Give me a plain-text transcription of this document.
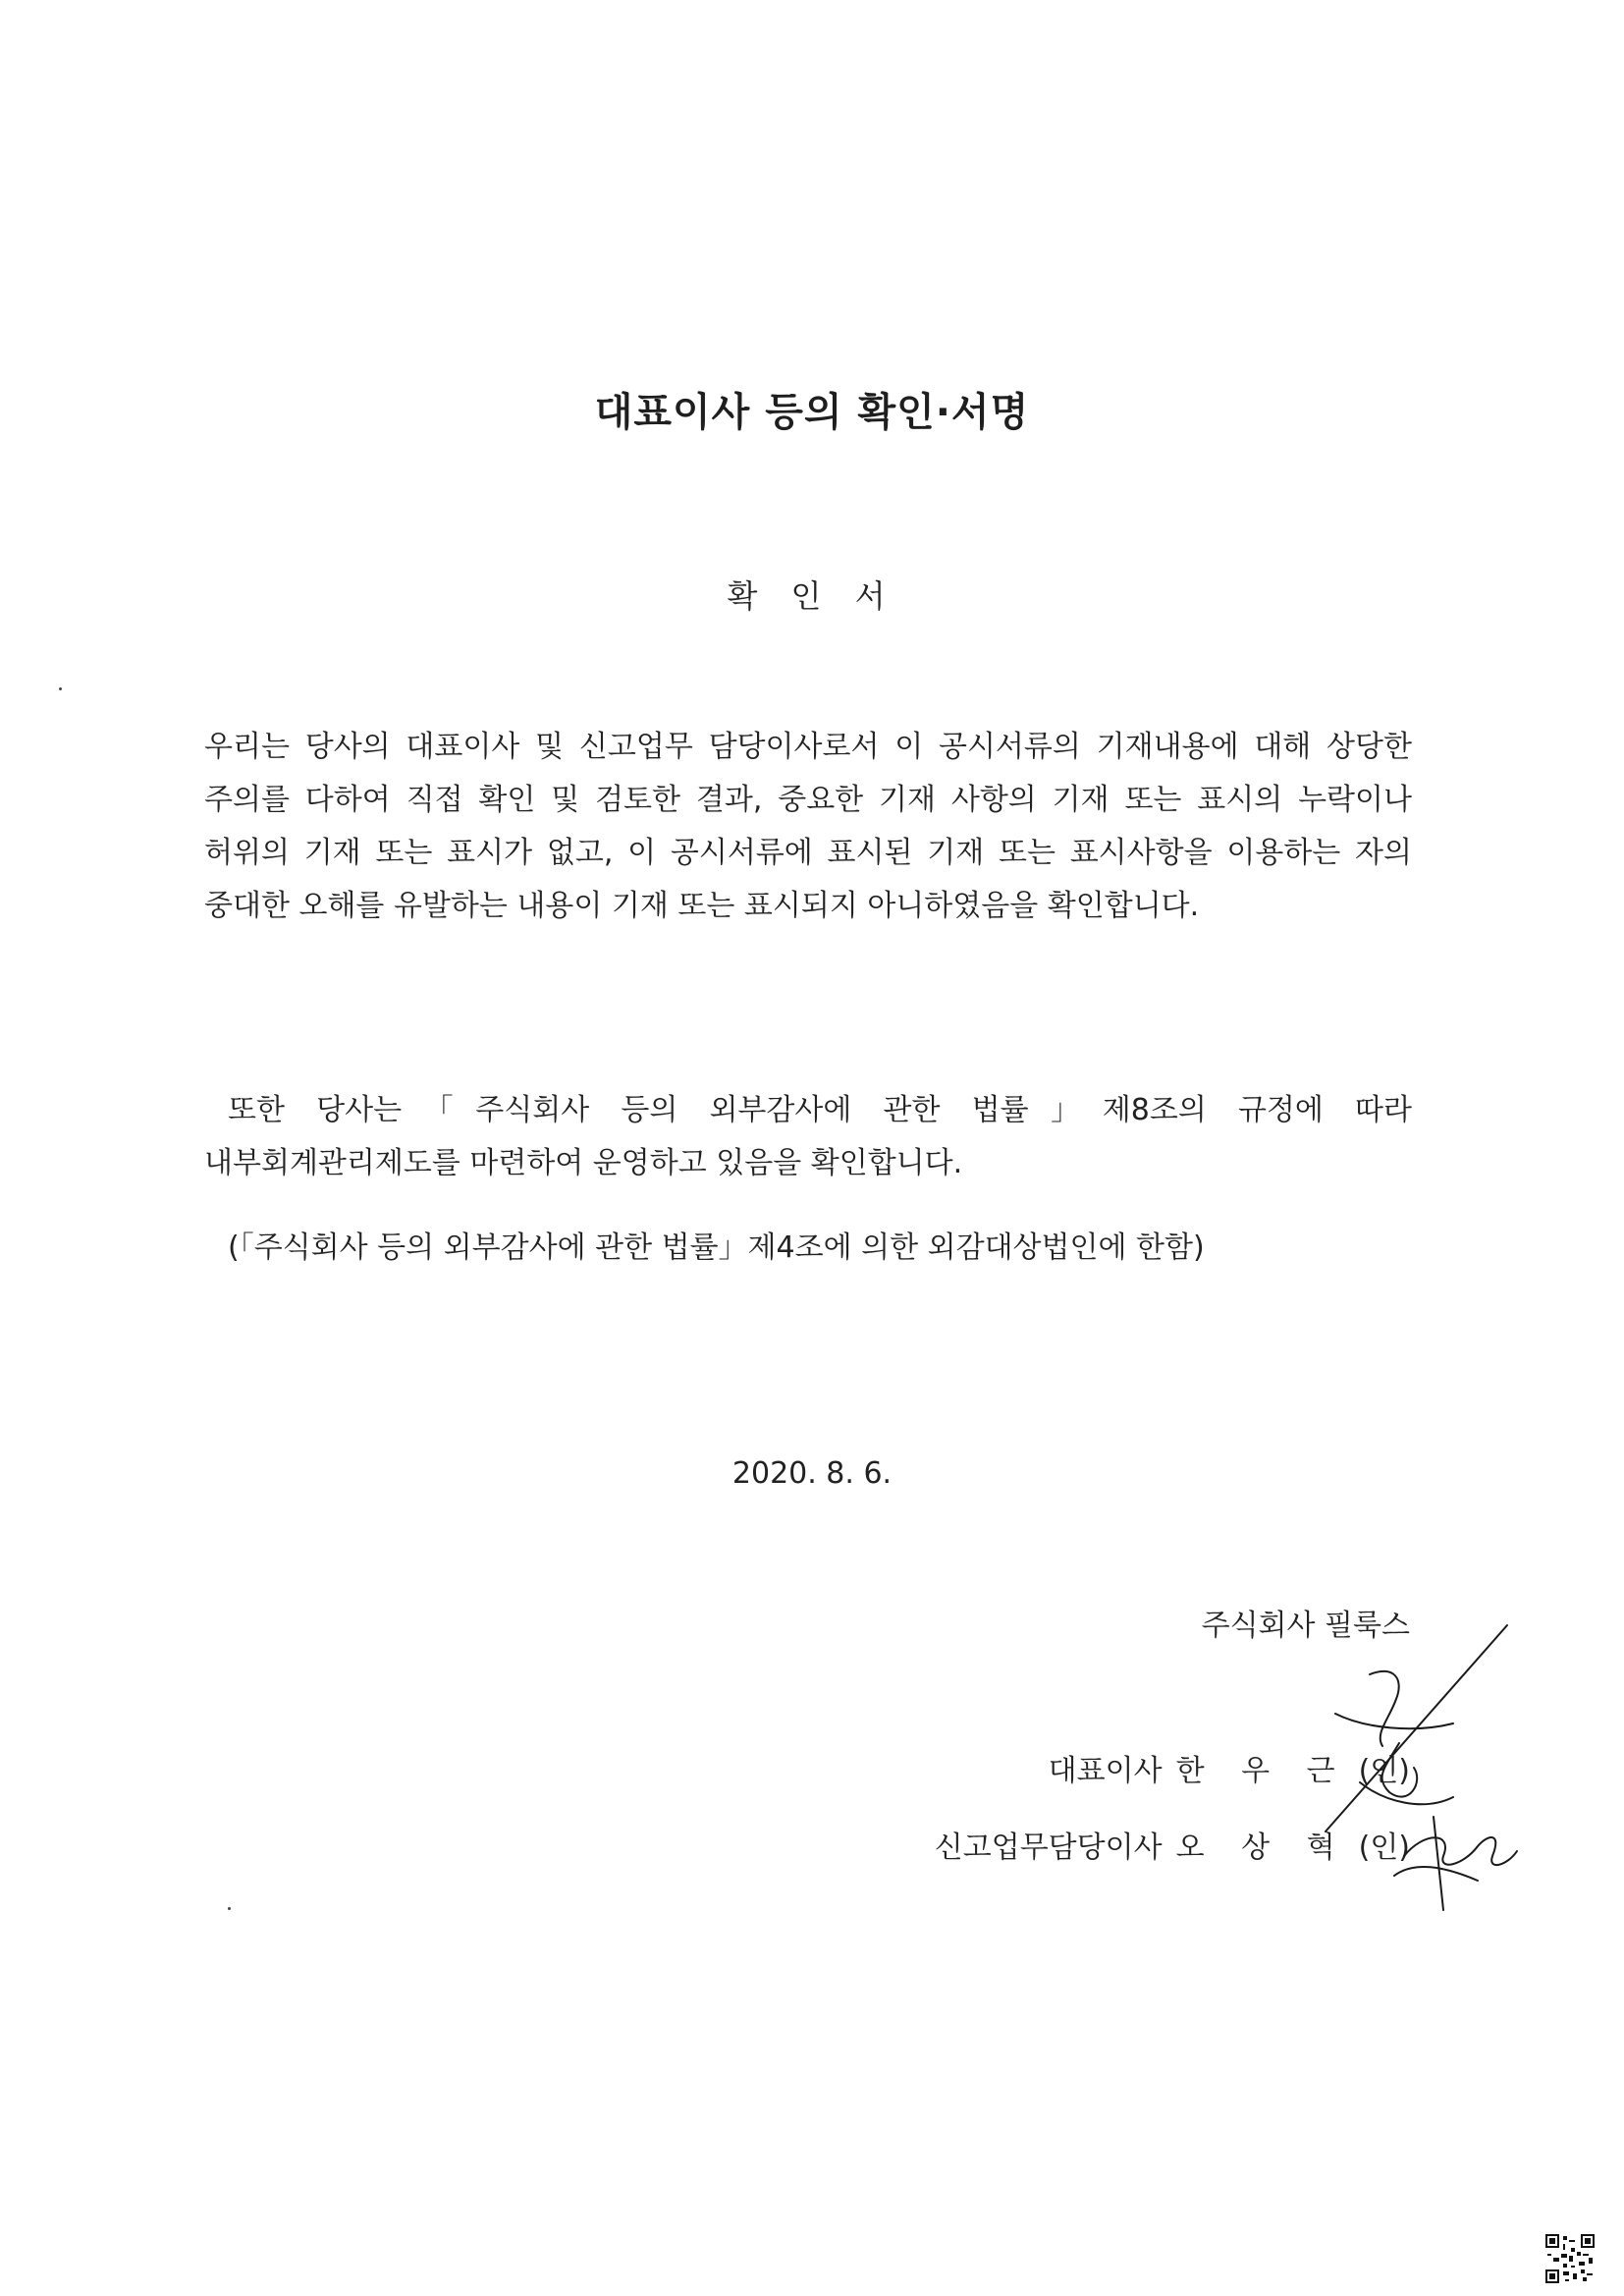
대표이사 등의 확인·서명
확 인 서
우리는 당사의 대표이사 및 신고업무 담당이사로서 이 공시서류의 기재내용에 대해 상당한 주의를 다하여 직접 확인 및 검토한 결과, 중요한 기재 사항의 기재 또는 표시의 누락이나 허위의 기재 또는 표시가 없고, 이 공시서류에 표시된 기재 또는 표시사항을 이용하는 자의 중대한 오해를 유발하는 내용이 기재 또는 표시되지 아니하였음을 확인합니다.
또한 당사는「주식회사 등의 외부감사에 관한 법률」제8조의 규정에 따라 내부회계관리제도를 마련하여 운영하고 있음을 확인합니다.
(「주식회사 등의 외부감사에 관한 법률」제4조에 의한 외감대상법인에 한함)
2020. 8. 6.
주식회사 필룩스
대표이사 한 우 근 (인)
신고업무담당이사 오 상 혁 (인)
